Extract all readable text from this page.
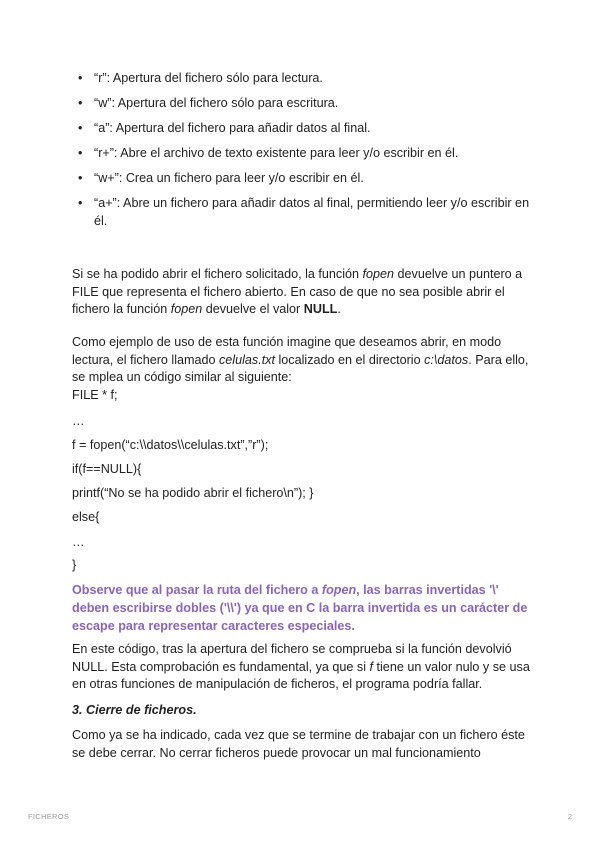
• “r”: Apertura del fichero sólo para lectura.
• “w”: Apertura del fichero sólo para escritura.
• “a”: Apertura del fichero para añadir datos al final.
• “r+”: Abre el archivo de texto existente para leer y/o escribir en él.
• “w+”: Crea un fichero para leer y/o escribir en él.
• “a+”: Abre un fichero para añadir datos al final, permitiendo leer y/o escribir en él.

Si se ha podido abrir el fichero solicitado, la función fopen devuelve un puntero a FILE que representa el fichero abierto. En caso de que no sea posible abrir el fichero la función fopen devuelve el valor NULL.

Como ejemplo de uso de esta función imagine que deseamos abrir, en modo lectura, el fichero llamado celulas.txt localizado en el directorio c:\datos. Para ello, se mplea un código similar al siguiente:

FILE * f;

…

f = fopen(“c:\\datos\\celulas.txt”,”r”);

if(f==NULL){

printf(“No se ha podido abrir el fichero\n”); }

else{

…

}

Observe que al pasar la ruta del fichero a fopen, las barras invertidas '\' deben escribirse dobles ('\\') ya que en C la barra invertida es un carácter de escape para representar caracteres especiales.

En este código, tras la apertura del fichero se comprueba si la función devolvió NULL. Esta comprobación es fundamental, ya que si f tiene un valor nulo y se usa en otras funciones de manipulación de ficheros, el programa podría fallar.

3. Cierre de ficheros.

Como ya se ha indicado, cada vez que se termine de trabajar con un fichero éste se debe cerrar. No cerrar ficheros puede provocar un mal funcionamiento

FICHEROS	2
